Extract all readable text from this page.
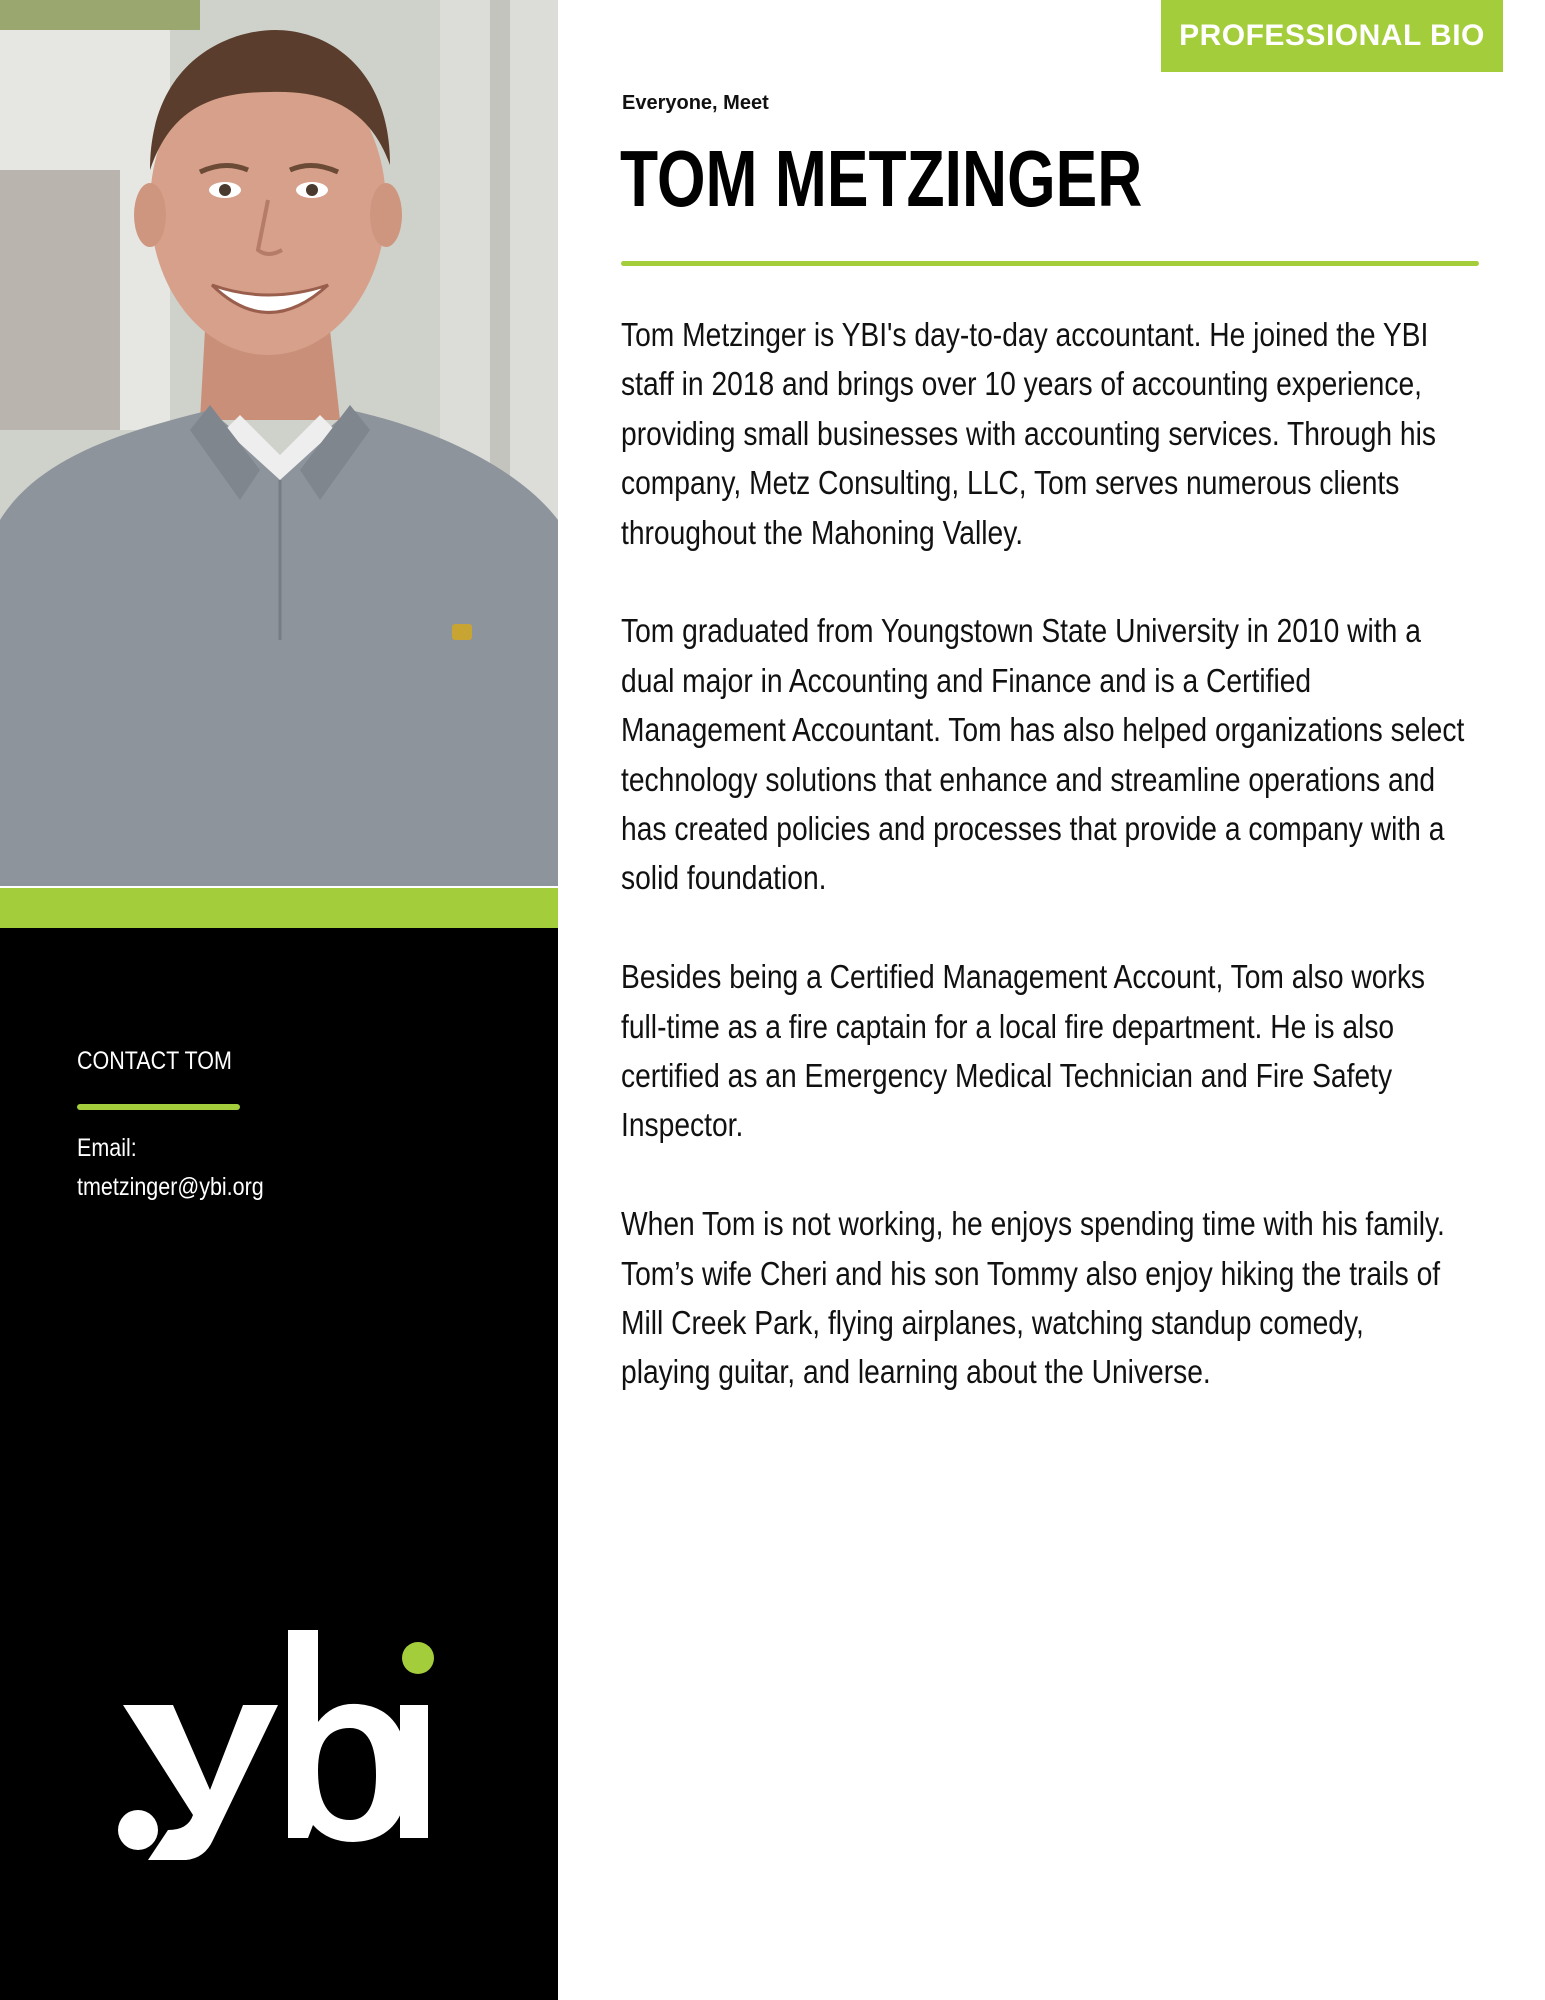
CONTACT TOM
Email:
tmetzinger@ybi.org
Where Grit
Meets Growth
PROFESSIONAL BIO
Everyone, Meet
TOM METZINGER

Tom Metzinger is YBI's day-to-day accountant. He joined the YBI
staff in 2018 and brings over 10 years of accounting experience,
providing small businesses with accounting services. Through his
company, Metz Consulting, LLC, Tom serves numerous clients
throughout the Mahoning Valley.

Tom graduated from Youngstown State University in 2010 with a
dual major in Accounting and Finance and is a Certified
Management Accountant. Tom has also helped organizations select
technology solutions that enhance and streamline operations and
has created policies and processes that provide a company with a
solid foundation.

Besides being a Certified Management Account, Tom also works
full-time as a fire captain for a local fire department. He is also
certified as an Emergency Medical Technician and Fire Safety
Inspector.

When Tom is not working, he enjoys spending time with his family.
Tom’s wife Cheri and his son Tommy also enjoy hiking the trails of
Mill Creek Park, flying airplanes, watching standup comedy,
playing guitar, and learning about the Universe.
